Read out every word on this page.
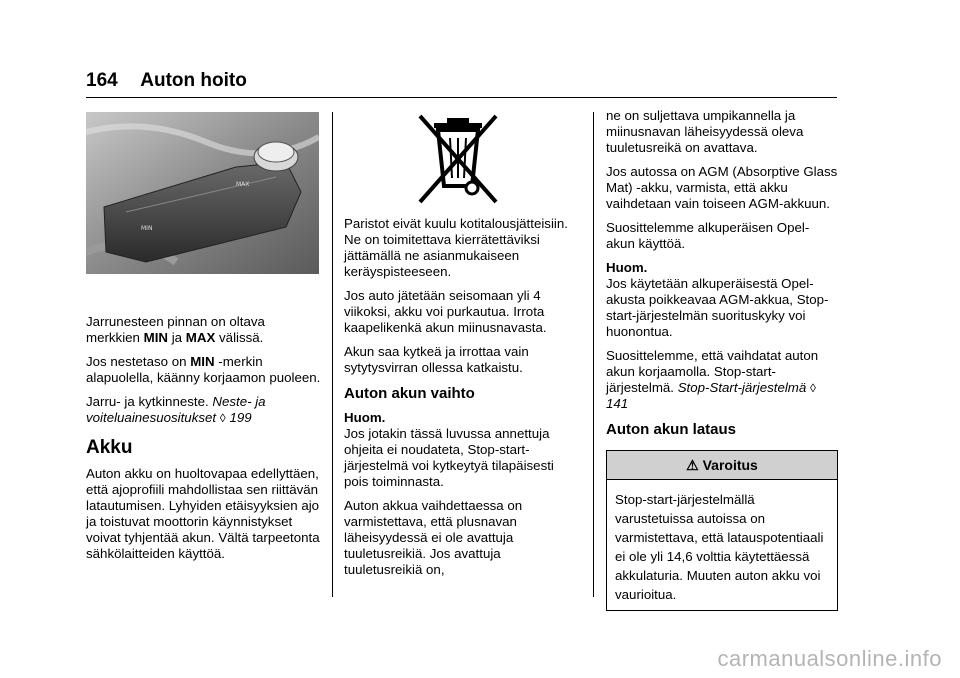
164 Auton hoito
MAX
MIN

Jarrunesteen pinnan on oltava merkkien MIN ja MAX välissä.

Jos nestetaso on MIN -merkin alapuolella, käänny korjaamon puoleen.

Jarru- ja kytkinneste. Neste- ja voiteluainesuositukset ◊ 199

Akku

Auton akku on huoltovapaa edellyttäen, että ajoprofiili mahdollistaa sen riittävän latautumisen. Lyhyiden etäisyyksien ajo ja toistuvat moottorin käynnistykset voivat tyhjentää akun. Vältä tarpeetonta sähkölaitteiden käyttöä.

Paristot eivät kuulu kotitalousjätteisiin. Ne on toimitettava kierrätettäviksi jättämällä ne asianmukaiseen keräyspisteeseen.

Jos auto jätetään seisomaan yli 4 viikoksi, akku voi purkautua. Irrota kaapelikenkä akun miinusnavasta.

Akun saa kytkeä ja irrottaa vain sytytysvirran ollessa katkaistu.

Auton akun vaihto

Huom.

Jos jotakin tässä luvussa annettuja ohjeita ei noudateta, Stop-start-järjestelmä voi kytkeytyä tilapäisesti pois toiminnasta.

Auton akkua vaihdettaessa on varmistettava, että plusnavan läheisyydessä ei ole avattuja tuuletusreikiä. Jos avattuja tuuletusreikiä on,

ne on suljettava umpikannella ja miinusnavan läheisyydessä oleva tuuletusreikä on avattava.

Jos autossa on AGM (Absorptive Glass Mat) -akku, varmista, että akku vaihdetaan vain toiseen AGM-akkuun.

Suosittelemme alkuperäisen Opel-akun käyttöä.

Huom.

Jos käytetään alkuperäisestä Opel-akusta poikkeavaa AGM-akkua, Stop-start-järjestelmän suorituskyky voi huonontua.

Suosittelemme, että vaihdatat auton akun korjaamolla. Stop-start-järjestelmä. Stop-Start-järjestelmä ◊ 141

Auton akun lataus
⚠ Varoitus
Stop-start-järjestelmällä varustetuissa autoissa on varmistettava, että latauspotentiaali ei ole yli 14,6 volttia käytettäessä akkulaturia. Muuten auton akku voi vaurioitua.
carmanualsonline.info
